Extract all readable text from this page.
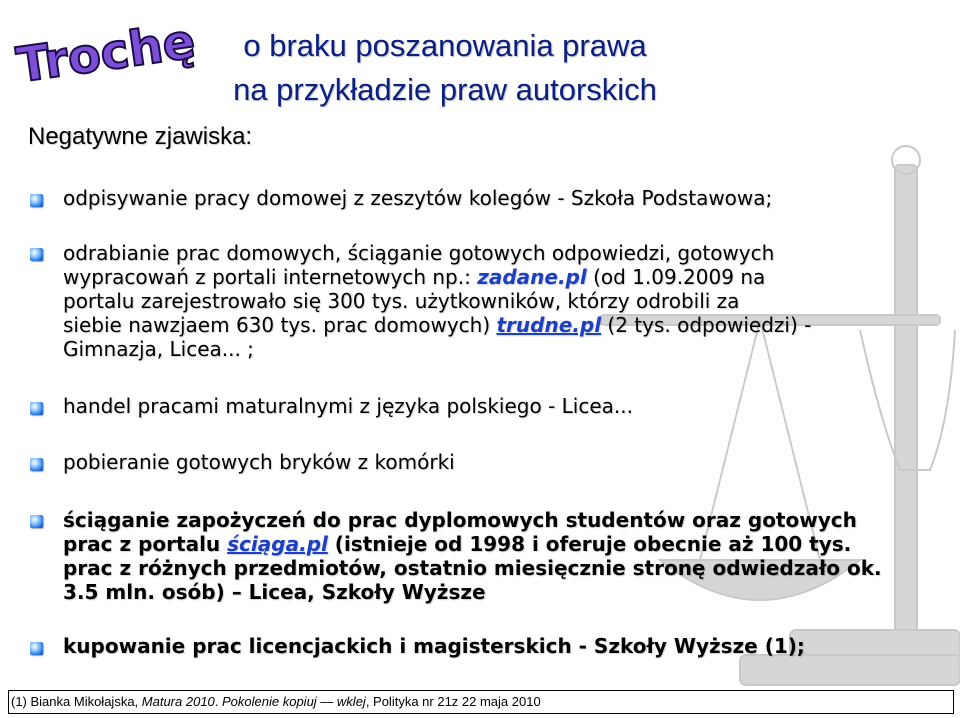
Trochę	o braku poszanowania prawa
na przykładzie praw autorskich
Negatywne zjawiska:
odpisywanie pracy domowej z zeszytów kolegów - Szkoła Podstawowa;
odrabianie prac domowych, ściąganie gotowych odpowiedzi, gotowych
wypracowań z portali internetowych np.: zadane.pl (od 1.09.2009 na
portalu zarejestrowało się 300 tys. użytkowników, którzy odrobili za
siebie nawzjaem 630 tys. prac domowych) trudne.pl (2 tys. odpowiedzi) -
Gimnazja, Licea... ;
handel pracami maturalnymi z języka polskiego - Licea...
pobieranie gotowych bryków z komórki
ściąganie zapożyczeń do prac dyplomowych studentów oraz gotowych
prac z portalu ściąga.pl (istnieje od 1998 i oferuje obecnie aż 100 tys.
prac z różnych przedmiotów, ostatnio miesięcznie stronę odwiedzało ok.
3.5 mln. osób) – Licea, Szkoły Wyższe
kupowanie prac licencjackich i magisterskich - Szkoły Wyższe (1);
(1) Bianka Mikołajska, Matura 2010. Pokolenie kopiuj — wklej, Polityka nr 21z 22 maja 2010
